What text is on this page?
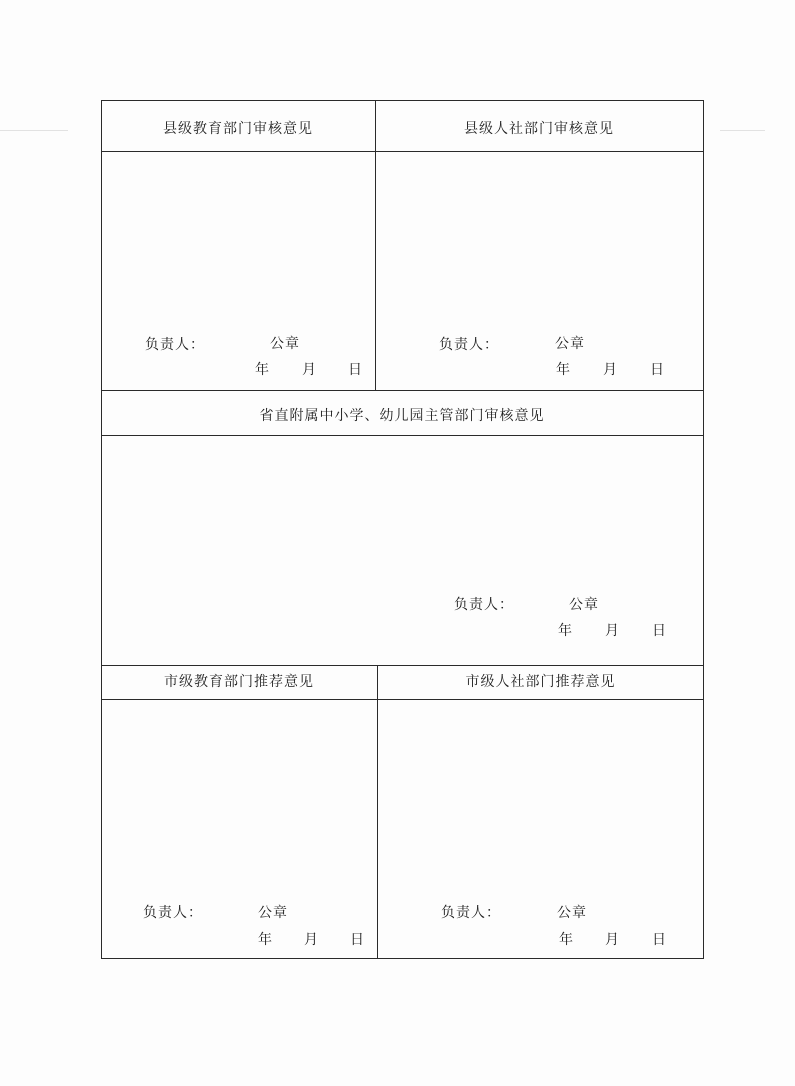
县级教育部门审核意见
负责人：	公章
年 月 日
县级人社部门审核意见
负责人：	公章
年 月 日
省直附属中小学、幼儿园主管部门审核意见
负责人：	公章
年 月 日
市级教育部门推荐意见
负责人：	公章
年 月 日
市级人社部门推荐意见
负责人：	公章
年 月 日
